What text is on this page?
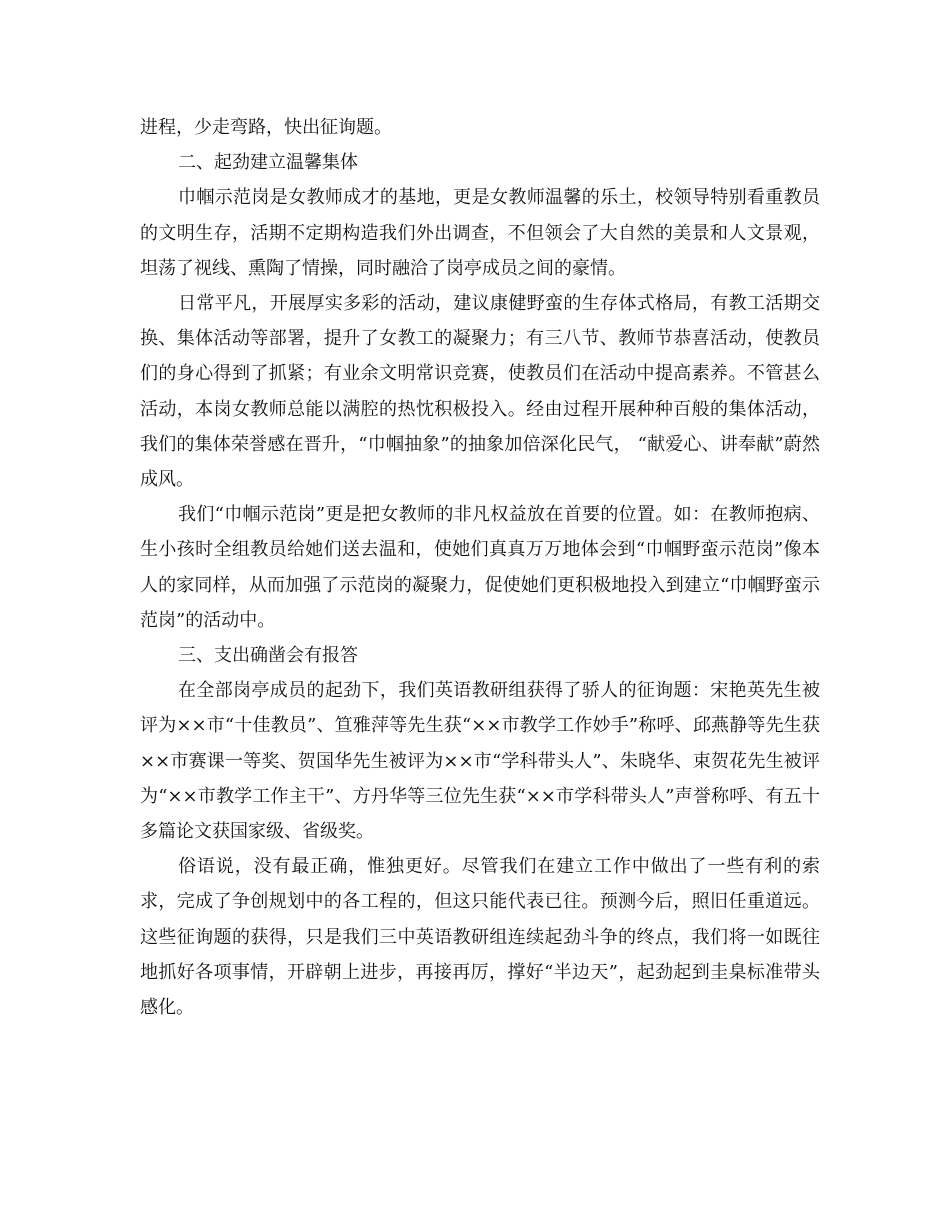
进程，少走弯路，快出征询题。

二、起劲建立温馨集体

巾帼示范岗是女教师成才的基地，更是女教师温馨的乐土，校领导特别看重教员的文明生存，活期不定期构造我们外出调查，不但领会了大自然的美景和人文景观，坦荡了视线、熏陶了情操，同时融洽了岗亭成员之间的豪情。

日常平凡，开展厚实多彩的活动，建议康健野蛮的生存体式格局，有教工活期交换、集体活动等部署，提升了女教工的凝聚力；有三八节、教师节恭喜活动，使教员们的身心得到了抓紧；有业余文明常识竞赛，使教员们在活动中提高素养。不管甚么活动，本岗女教师总能以满腔的热忱积极投入。经由过程开展种种百般的集体活动，我们的集体荣誉感在晋升，“巾帼抽象”的抽象加倍深化民气， “献爱心、讲奉献”蔚然成风。

我们“巾帼示范岗”更是把女教师的非凡权益放在首要的位置。如：在教师抱病、生小孩时全组教员给她们送去温和，使她们真真万万地体会到“巾帼野蛮示范岗”像本人的家同样，从而加强了示范岗的凝聚力，促使她们更积极地投入到建立“巾帼野蛮示范岗”的活动中。

三、支出确凿会有报答

在全部岗亭成员的起劲下，我们英语教研组获得了骄人的征询题：宋艳英先生被评为××市“十佳教员”、笪雅萍等先生获“××市教学工作妙手”称呼、邱燕静等先生获××市赛课一等奖、贺国华先生被评为××市“学科带头人”、朱晓华、束贺花先生被评为“××市教学工作主干”、方丹华等三位先生获“××市学科带头人”声誉称呼、有五十多篇论文获国家级、省级奖。

俗语说，没有最正确，惟独更好。尽管我们在建立工作中做出了一些有利的索求，完成了争创规划中的各工程的，但这只能代表已往。预测今后，照旧任重道远。这些征询题的获得，只是我们三中英语教研组连续起劲斗争的终点，我们将一如既往地抓好各项事情，开辟朝上进步，再接再厉，撑好“半边天”，起劲起到圭臬标准带头感化。
